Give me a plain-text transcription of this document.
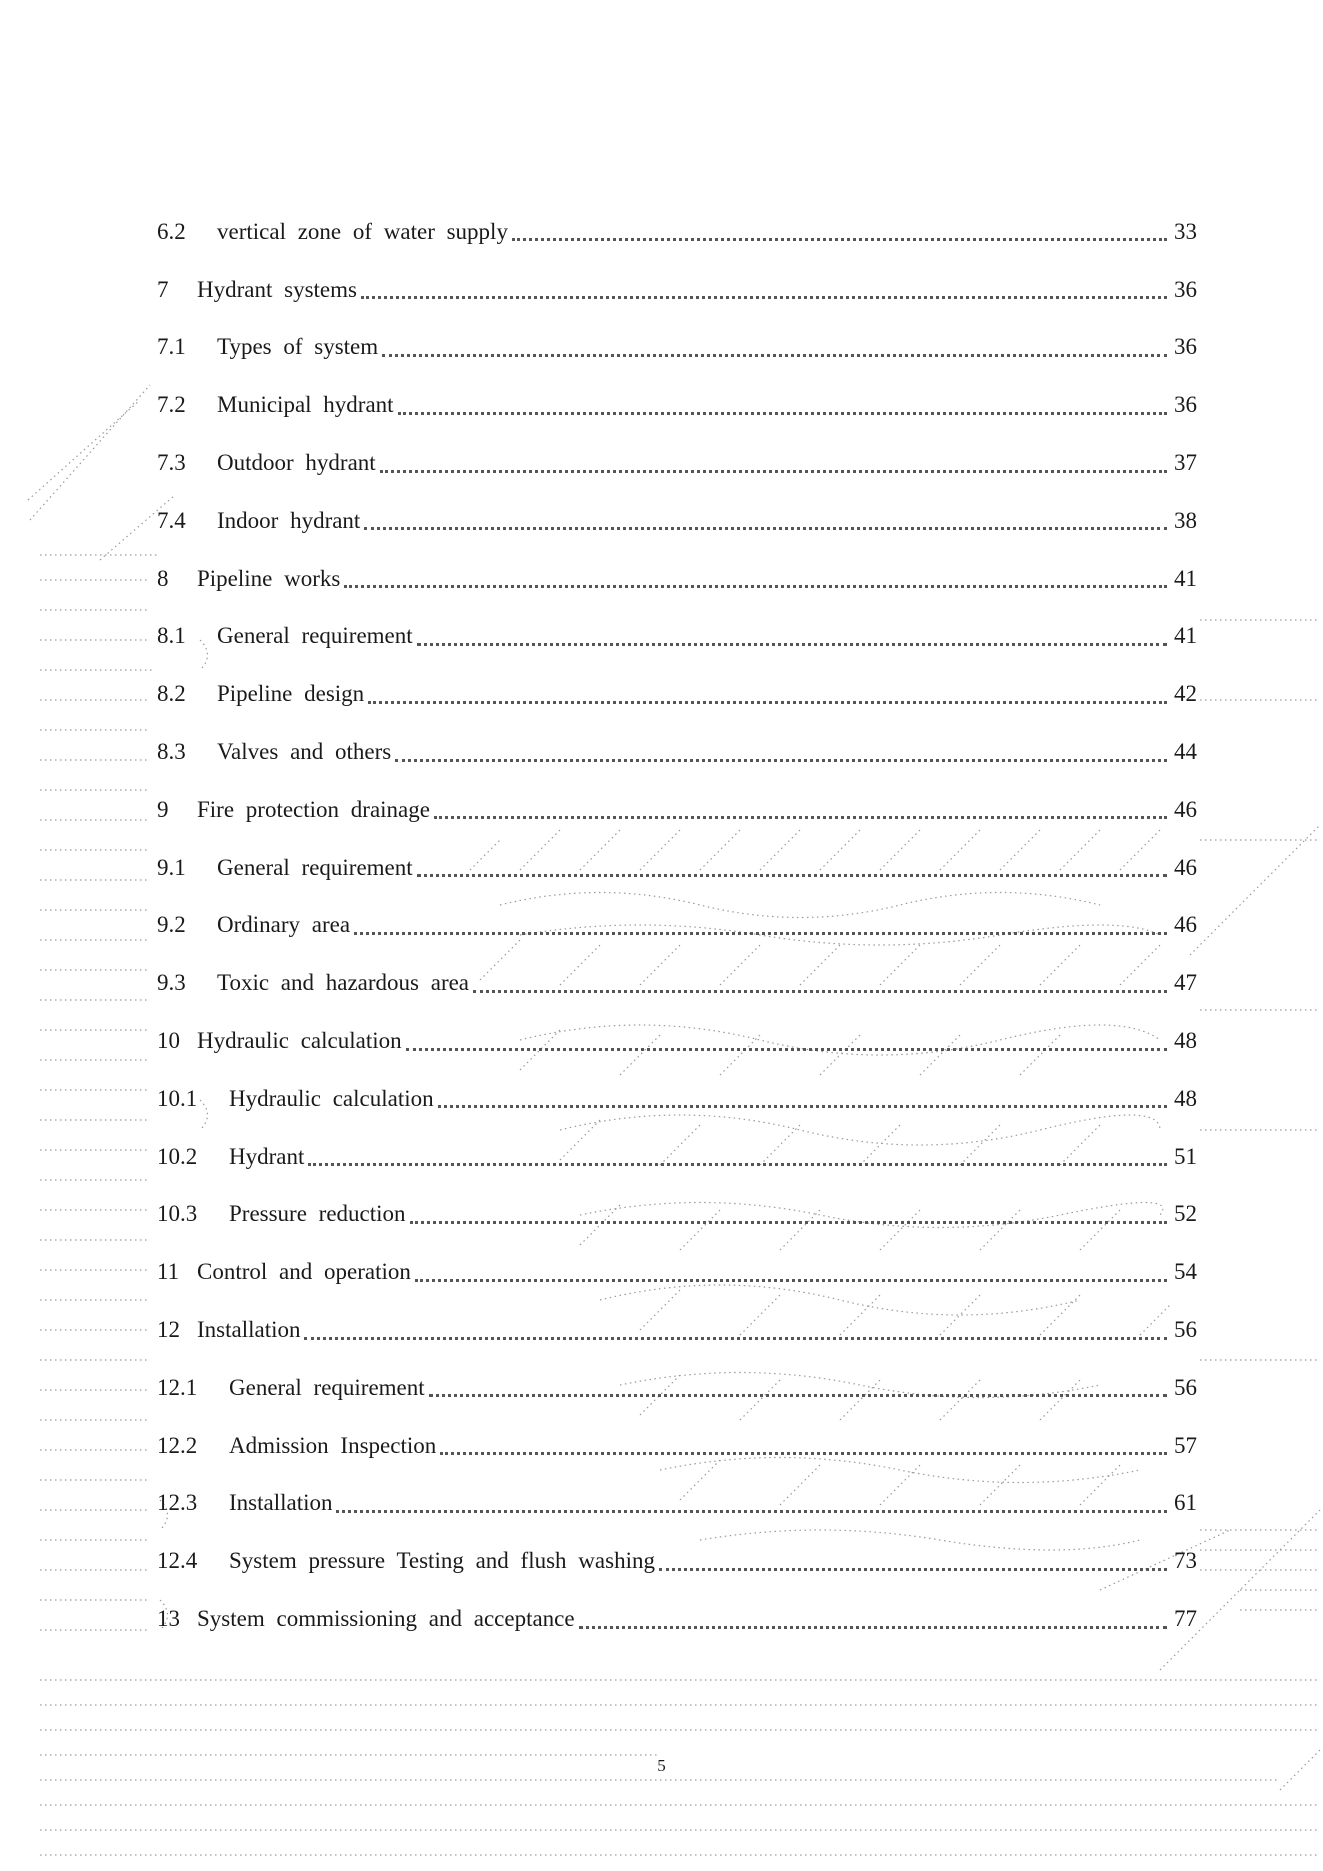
6.2	vertical zone of water supply	33
7	Hydrant systems	36
7.1	Types of system	36
7.2	Municipal hydrant	36
7.3	Outdoor hydrant	37
7.4	Indoor hydrant	38
8	Pipeline works	41
8.1	General requirement	41
8.2	Pipeline design	42
8.3	Valves and others	44
9	Fire protection drainage	46
9.1	General requirement	46
9.2	Ordinary area	46
9.3	Toxic and hazardous area	47
10 Hydraulic calculation	48
10.1	Hydraulic calculation	48
10.2	Hydrant	51
10.3	Pressure reduction	52
11 Control and operation	54
12 Installation	56
12.1	General requirement	56
12.2	Admission Inspection	57
12.3	Installation	61
12.4	System pressure Testing and flush washing	73
13 System commissioning and acceptance	77
5
